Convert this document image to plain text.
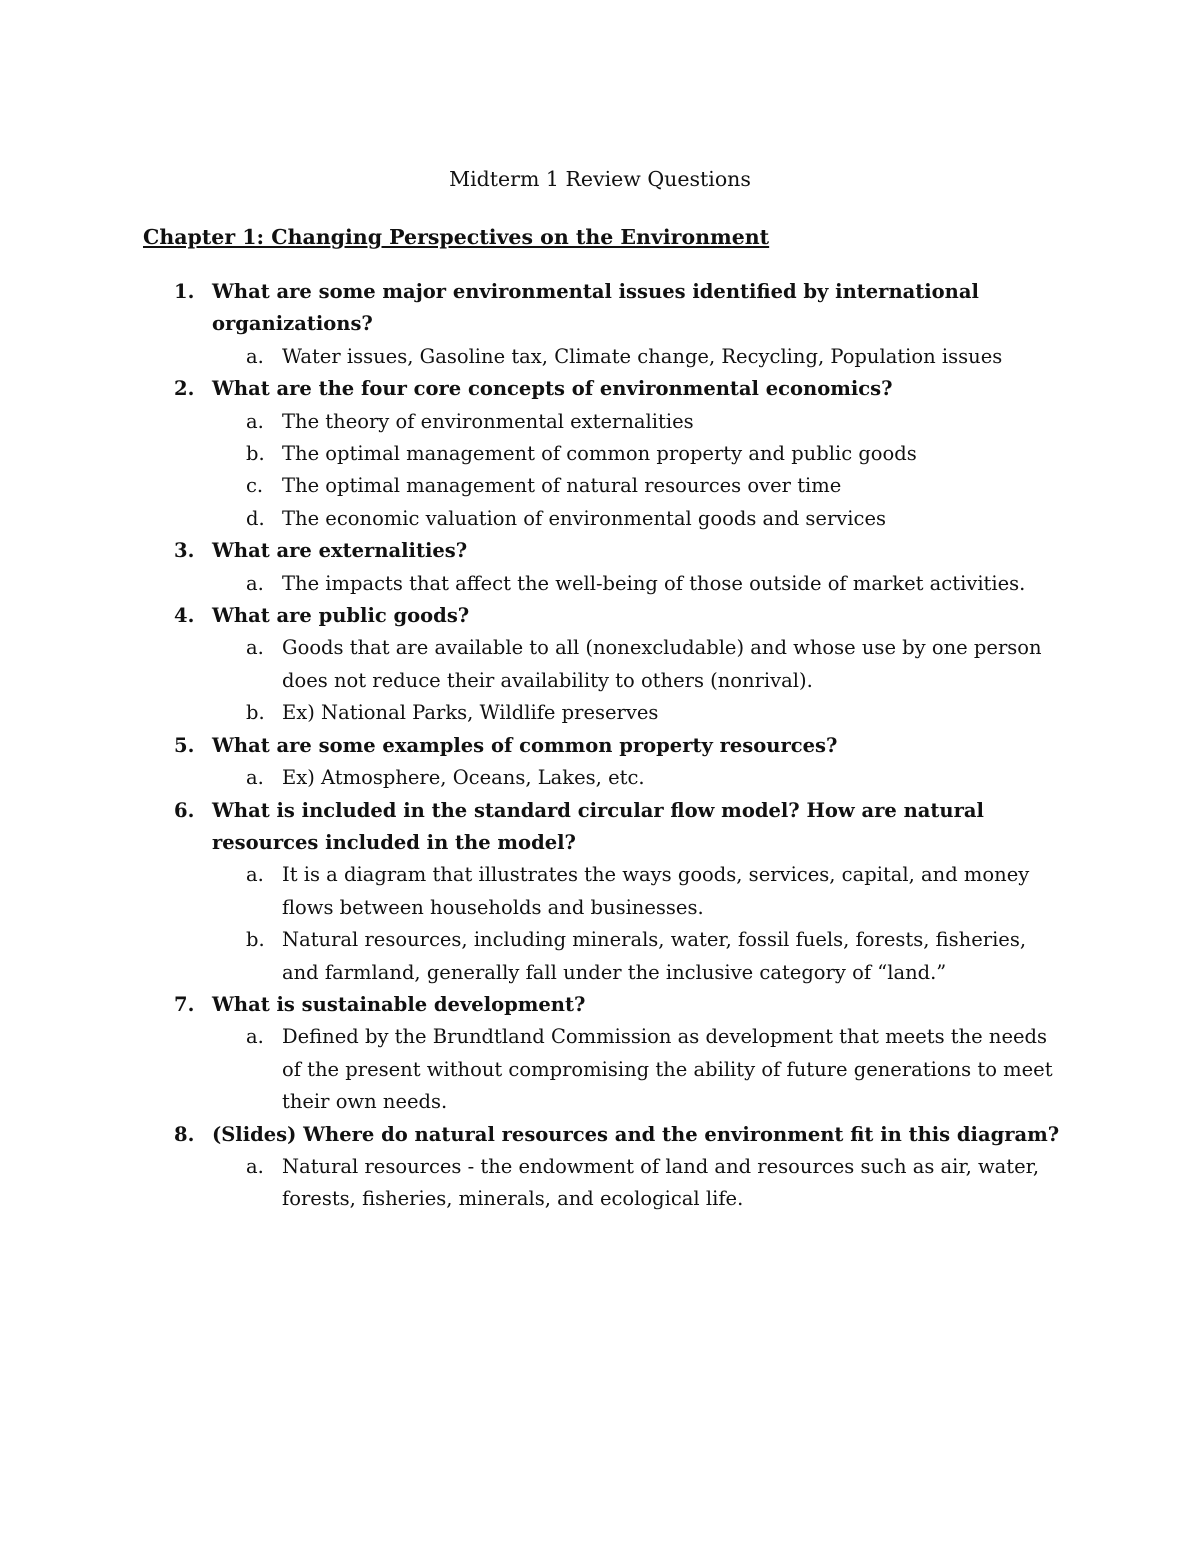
Midterm 1 Review Questions
Chapter 1: Changing Perspectives on the Environment
1. What are some major environmental issues identified by international organizations?
a. Water issues, Gasoline tax, Climate change, Recycling, Population issues
2. What are the four core concepts of environmental economics?
a. The theory of environmental externalities
b. The optimal management of common property and public goods
c. The optimal management of natural resources over time
d. The economic valuation of environmental goods and services
3. What are externalities?
a. The impacts that affect the well-being of those outside of market activities.
4. What are public goods?
a. Goods that are available to all (nonexcludable) and whose use by one person does not reduce their availability to others (nonrival).
b. Ex) National Parks, Wildlife preserves
5. What are some examples of common property resources?
a. Ex) Atmosphere, Oceans, Lakes, etc.
6. What is included in the standard circular flow model? How are natural resources included in the model?
a. It is a diagram that illustrates the ways goods, services, capital, and money flows between households and businesses.
b. Natural resources, including minerals, water, fossil fuels, forests, fisheries, and farmland, generally fall under the inclusive category of “land.”
7. What is sustainable development?
a. Defined by the Brundtland Commission as development that meets the needs of the present without compromising the ability of future generations to meet their own needs.
8. (Slides) Where do natural resources and the environment fit in this diagram?
a. Natural resources - the endowment of land and resources such as air, water, forests, fisheries, minerals, and ecological life.
